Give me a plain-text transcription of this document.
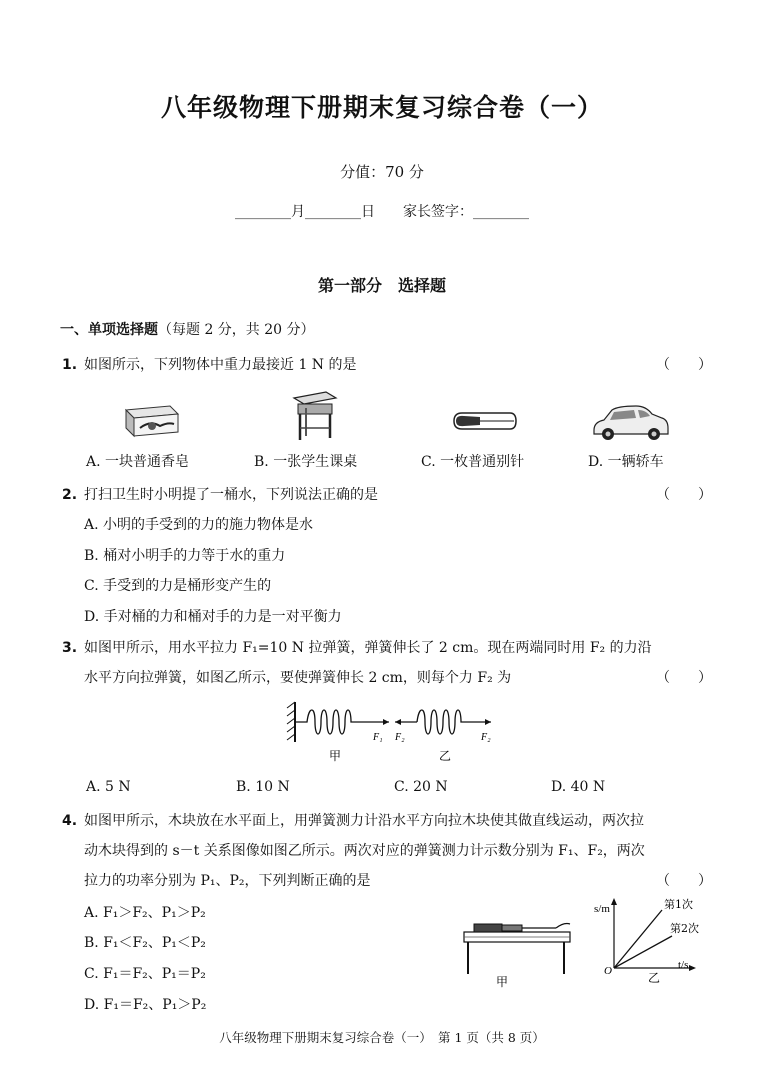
八年级物理下册期末复习综合卷（一）
分值：70 分
________月________日　　家长签字：________
第一部分　选择题
一、单项选择题（每题 2 分，共 20 分）
1. 如图所示，下列物体中重力最接近 1 N 的是	（　　）
A. 一块普通香皂	B. 一张学生课桌	C. 一枚普通别针	D. 一辆轿车
2. 打扫卫生时小明提了一桶水，下列说法正确的是	（　　）
A. 小明的手受到的力的施力物体是水
B. 桶对小明手的力等于水的重力
C. 手受到的力是桶形变产生的
D. 手对桶的力和桶对手的力是一对平衡力
3. 如图甲所示，用水平拉力 F₁=10 N 拉弹簧，弹簧伸长了 2 cm。现在两端同时用 F₂ 的力沿
水平方向拉弹簧，如图乙所示，要使弹簧伸长 2 cm，则每个力 F₂ 为	（　　）
F₁ F₂	F₂
甲	乙
A. 5 N	B. 10 N	C. 20 N	D. 40 N
4. 如图甲所示，木块放在水平面上，用弹簧测力计沿水平方向拉木块使其做直线运动，两次拉
动木块得到的 s－t 关系图像如图乙所示。两次对应的弹簧测力计示数分别为 F₁、F₂，两次
拉力的功率分别为 P₁、P₂，下列判断正确的是	（　　）
A. F₁＞F₂、P₁＞P₂
B. F₁＜F₂、P₁＜P₂
C. F₁＝F₂、P₁＝P₂
D. F₁＝F₂、P₁＞P₂
甲
s/m
t/s
O
第1次
第2次
乙
八年级物理下册期末复习综合卷（一）　第 1 页（共 8 页）
